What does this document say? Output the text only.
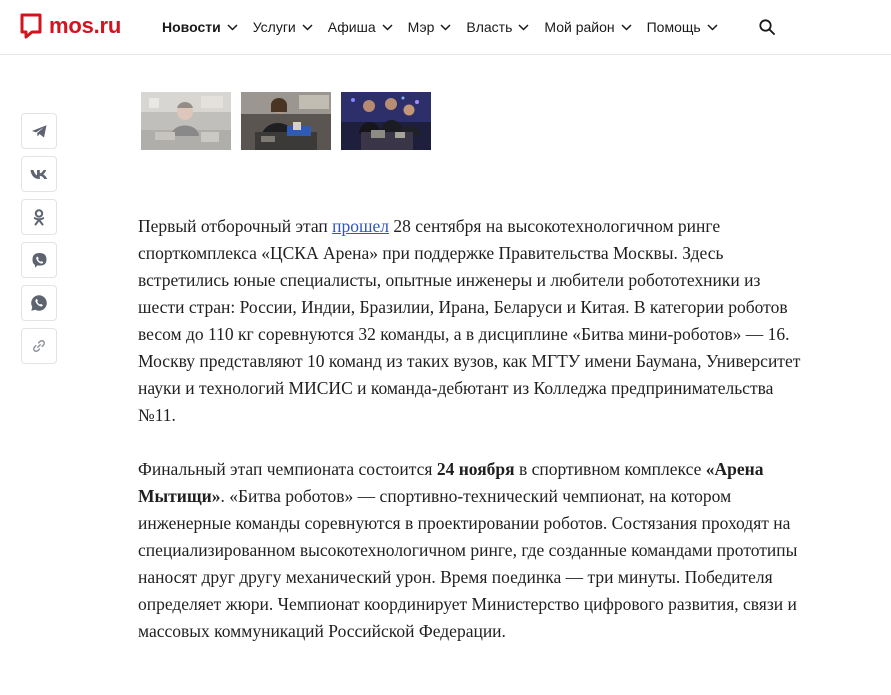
mos.ru	Новости Услуги Афиша Мэр Власть Мой район Помощь

Первый отборочный этап прошел 28 сентября на высокотехнологичном ринге спорткомплекса «ЦСКА Арена» при поддержке Правительства Москвы. Здесь встретились юные специалисты, опытные инженеры и любители робототехники из шести стран: России, Индии, Бразилии, Ирана, Беларуси и Китая. В категории роботов весом до 110 кг соревнуются 32 команды, а в дисциплине «Битва мини-роботов» — 16. Москву представляют 10 команд из таких вузов, как МГТУ имени Баумана, Университет науки и технологий МИСИС и команда-дебютант из Колледжа предпринимательства №11.

Финальный этап чемпионата состоится 24 ноября в спортивном комплексе «Арена Мытищи». «Битва роботов» — спортивно-технический чемпионат, на котором инженерные команды соревнуются в проектировании роботов. Состязания проходят на специализированном высокотехнологичном ринге, где созданные командами прототипы наносят друг другу механический урон. Время поединка — три минуты. Победителя определяет жюри. Чемпионат координирует Министерство цифрового развития, связи и массовых коммуникаций Российской Федерации.
